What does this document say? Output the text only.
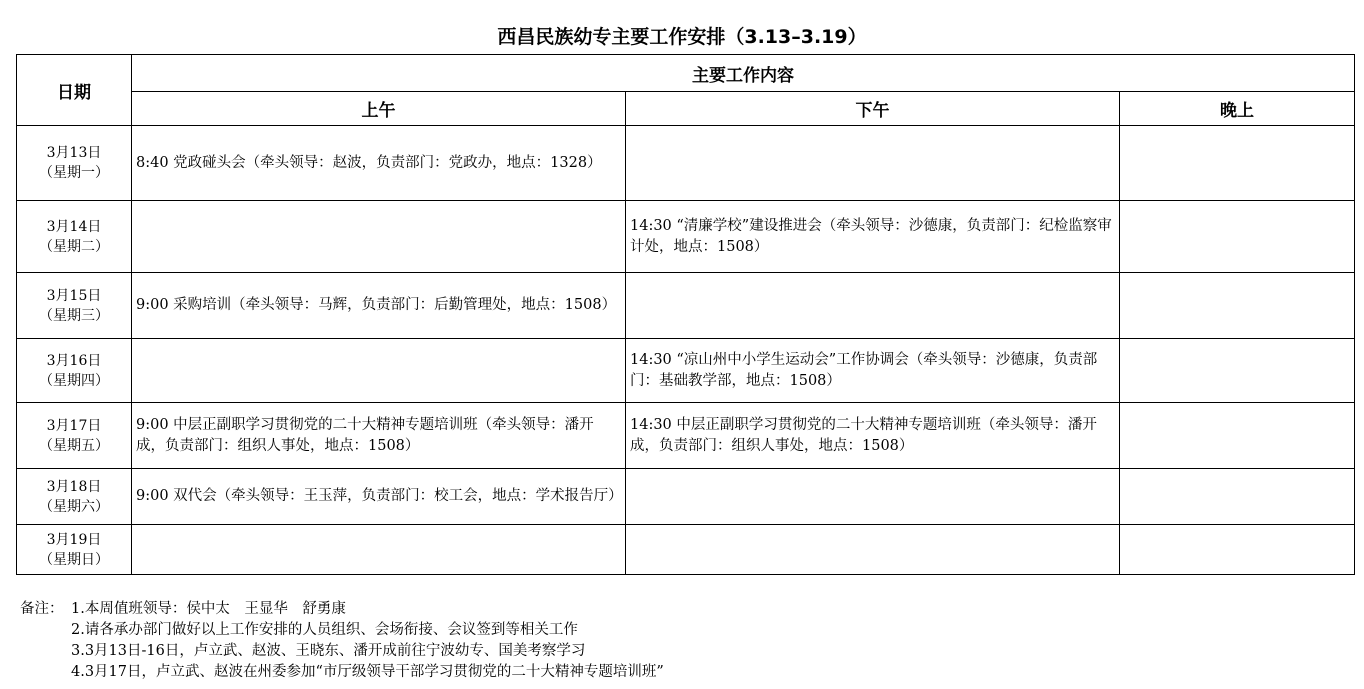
西昌民族幼专主要工作安排（3.13–3.19）
日期	主要工作内容		
	上午	下午	晚上
3月13日
（星期一）	8:40 党政碰头会（牵头领导：赵波，负责部门：党政办，地点：1328）		
3月14日
（星期二）		14:30 “清廉学校”建设推进会（牵头领导：沙德康，负责部门：纪检监察审计处，地点：1508）	
3月15日
（星期三）	9:00 采购培训（牵头领导：马辉，负责部门：后勤管理处，地点：1508）		
3月16日
（星期四）		14:30 “凉山州中小学生运动会”工作协调会（牵头领导：沙德康，负责部门：基础教学部，地点：1508）	
3月17日
（星期五）	9:00 中层正副职学习贯彻党的二十大精神专题培训班（牵头领导：潘开成，负责部门：组织人事处，地点：1508）	14:30 中层正副职学习贯彻党的二十大精神专题培训班（牵头领导：潘开成，负责部门：组织人事处，地点：1508）	
3月18日
（星期六）	9:00 双代会（牵头领导：王玉萍，负责部门：校工会，地点：学术报告厅）		
3月19日
（星期日）			
备注： 1.本周值班领导：侯中太　王显华　舒勇康
2.请各承办部门做好以上工作安排的人员组织、会场衔接、会议签到等相关工作
3.3月13日-16日，卢立武、赵波、王晓东、潘开成前往宁波幼专、国美考察学习
4.3月17日，卢立武、赵波在州委参加“市厅级领导干部学习贯彻党的二十大精神专题培训班”
